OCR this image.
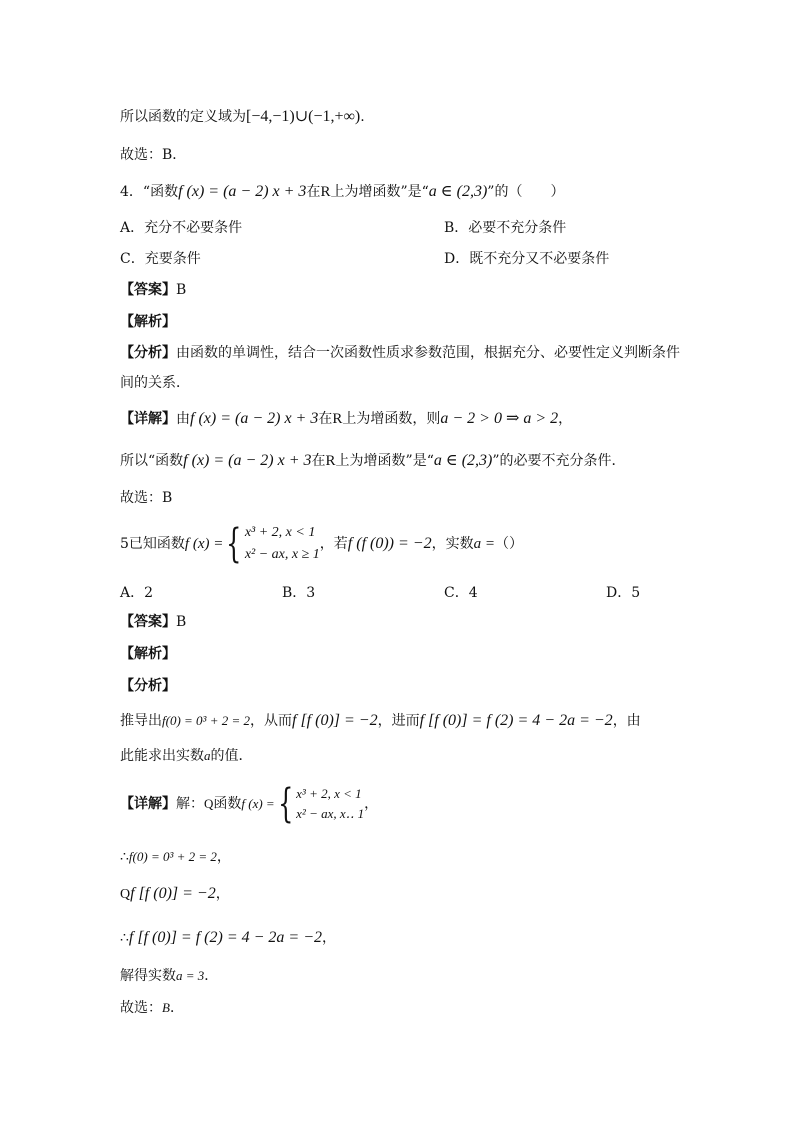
所以函数的定义域为[−4,−1)∪(−1,+∞).
故选：B．
4．“函数f (x) = (a − 2) x + 3在R上为增函数”是“a ∈ (2,3)”的（　　）
A．充分不必要条件	B．必要不充分条件
C．充要条件	D．既不充分又不必要条件
【答案】B
【解析】
【分析】由函数的单调性，结合一次函数性质求参数范围，根据充分、必要性定义判断条件
间的关系．
【详解】由f (x) = (a − 2) x + 3在R上为增函数，则a − 2 > 0 ⇒ a > 2，
所以“函数f (x) = (a − 2) x + 3在R上为增函数”是“a ∈ (2,3)”的必要不充分条件．
故选：B
5已知函数f (x) ={ x³ + 2, x < 1
x² − ax, x ≥ 1
，若f (f (0)) = −2，实数a =（）
A．2	B．3	C．4	D．5
【答案】B
【解析】
【分析】
推导出f(0) = 0³ + 2 = 2，从而f [f (0)] = −2，进而f [f (0)] = f (2) = 4 − 2a = −2，由
此能求出实数a的值．
【详解】解：Q函数f (x) ={ x³ + 2, x < 1
x² − ax, x‥ 1
，
∴f(0) = 0³ + 2 = 2，
Qf [f (0)] = −2，
∴f [f (0)] = f (2) = 4 − 2a = −2，
解得实数a = 3．
故选：B．
